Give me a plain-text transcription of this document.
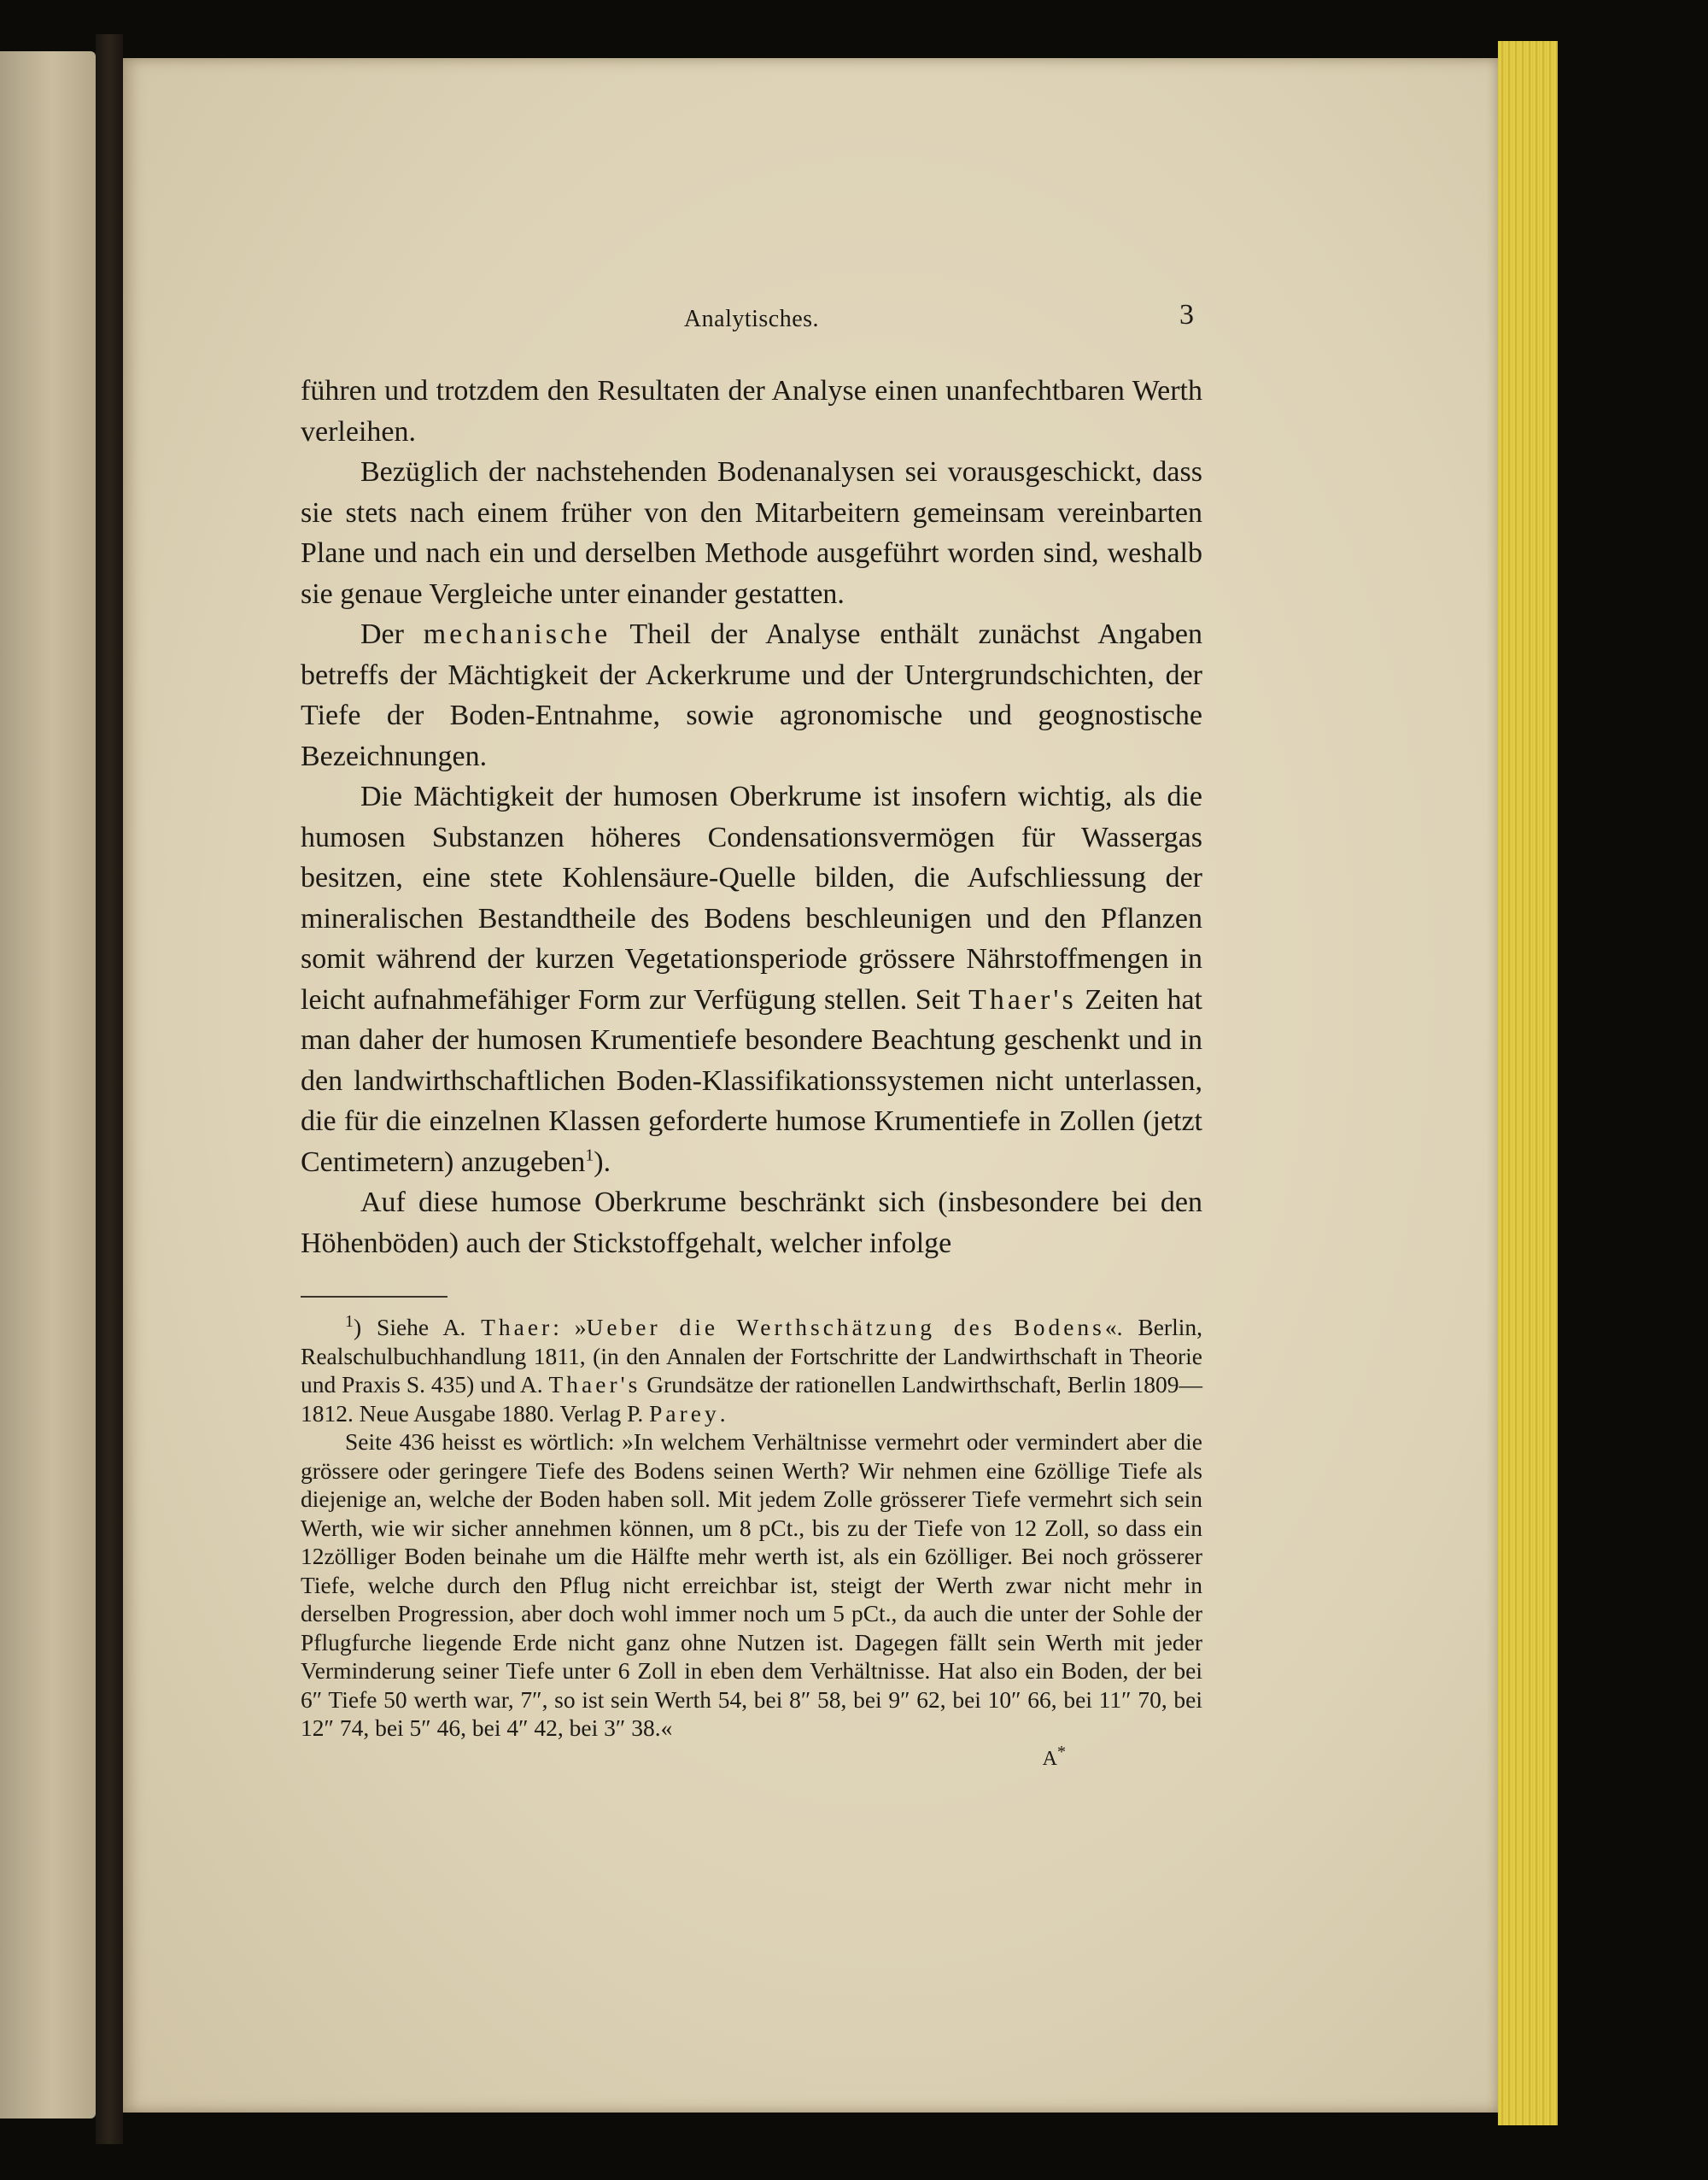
Analytisches.	3

führen und trotzdem den Resultaten der Analyse einen unanfechtbaren Werth verleihen.

Bezüglich der nachstehenden Bodenanalysen sei vorausgeschickt, dass sie stets nach einem früher von den Mitarbeitern gemeinsam vereinbarten Plane und nach ein und derselben Methode ausgeführt worden sind, weshalb sie genaue Vergleiche unter einander gestatten.

Der mechanische Theil der Analyse enthält zunächst Angaben betreffs der Mächtigkeit der Ackerkrume und der Untergrundschichten, der Tiefe der Boden-Entnahme, sowie agronomische und geognostische Bezeichnungen.

Die Mächtigkeit der humosen Oberkrume ist insofern wichtig, als die humosen Substanzen höheres Condensationsvermögen für Wassergas besitzen, eine stete Kohlensäure-Quelle bilden, die Aufschliessung der mineralischen Bestandtheile des Bodens beschleunigen und den Pflanzen somit während der kurzen Vegetationsperiode grössere Nährstoffmengen in leicht aufnahmefähiger Form zur Verfügung stellen. Seit Thaer's Zeiten hat man daher der humosen Krumentiefe besondere Beachtung geschenkt und in den landwirthschaftlichen Boden-Klassifikationssystemen nicht unterlassen, die für die einzelnen Klassen geforderte humose Krumentiefe in Zollen (jetzt Centimetern) anzugeben$^1$).

Auf diese humose Oberkrume beschränkt sich (insbesondere bei den Höhenböden) auch der Stickstoffgehalt, welcher infolge

$^1$) Siehe A. Thaer: »Ueber die Werthschätzung des Bodens«. Berlin, Realschulbuchhandlung 1811, (in den Annalen der Fortschritte der Landwirthschaft in Theorie und Praxis S. 435) und A. Thaer's Grundsätze der rationellen Landwirthschaft, Berlin 1809—1812. Neue Ausgabe 1880. Verlag P. Parey.

Seite 436 heisst es wörtlich: »In welchem Verhältnisse vermehrt oder vermindert aber die grössere oder geringere Tiefe des Bodens seinen Werth? Wir nehmen eine 6zöllige Tiefe als diejenige an, welche der Boden haben soll. Mit jedem Zolle grösserer Tiefe vermehrt sich sein Werth, wie wir sicher annehmen können, um 8 pCt., bis zu der Tiefe von 12 Zoll, so dass ein 12zölliger Boden beinahe um die Hälfte mehr werth ist, als ein 6zölliger. Bei noch grösserer Tiefe, welche durch den Pflug nicht erreichbar ist, steigt der Werth zwar nicht mehr in derselben Progression, aber doch wohl immer noch um 5 pCt., da auch die unter der Sohle der Pflugfurche liegende Erde nicht ganz ohne Nutzen ist. Dagegen fällt sein Werth mit jeder Verminderung seiner Tiefe unter 6 Zoll in eben dem Verhältnisse. Hat also ein Boden, der bei 6″ Tiefe 50 werth war, 7″, so ist sein Werth 54, bei 8″ 58, bei 9″ 62, bei 10″ 66, bei 11″ 70, bei 12″ 74, bei 5″ 46, bei 4″ 42, bei 3″ 38.«

A*
